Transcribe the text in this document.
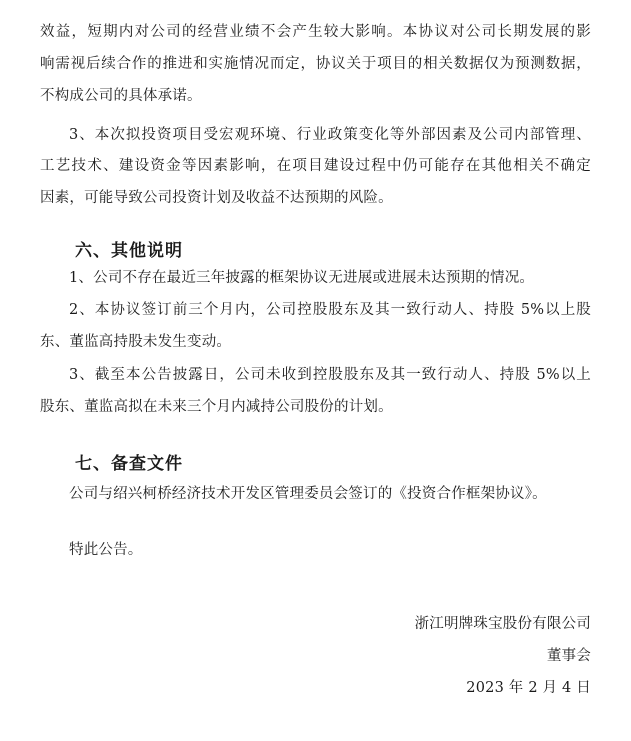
效益，短期内对公司的经营业绩不会产生较大影响。本协议对公司长期发展的影
响需视后续合作的推进和实施情况而定，协议关于项目的相关数据仅为预测数据，
不构成公司的具体承诺。
3、本次拟投资项目受宏观环境、行业政策变化等外部因素及公司内部管理、
工艺技术、建设资金等因素影响，在项目建设过程中仍可能存在其他相关不确定
因素，可能导致公司投资计划及收益不达预期的风险。
六、其他说明
1、公司不存在最近三年披露的框架协议无进展或进展未达预期的情况。
2、本协议签订前三个月内，公司控股股东及其一致行动人、持股 5%以上股
东、董监高持股未发生变动。
3、截至本公告披露日，公司未收到控股股东及其一致行动人、持股 5%以上
股东、董监高拟在未来三个月内减持公司股份的计划。
七、备查文件
公司与绍兴柯桥经济技术开发区管理委员会签订的《投资合作框架协议》。
特此公告。
浙江明牌珠宝股份有限公司
董事会
2023 年 2 月 4 日
